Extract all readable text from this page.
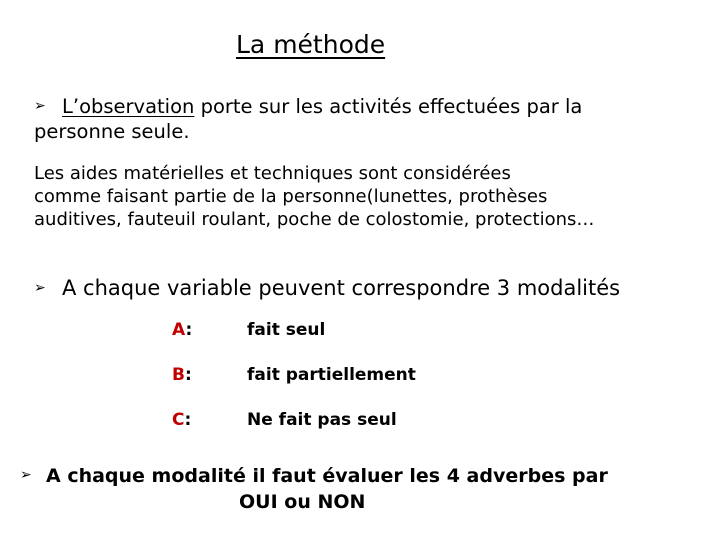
La méthode
➢ L’observation porte sur les activités effectuées par la
personne seule.
Les aides matérielles et techniques sont considérées
comme faisant partie de la personne(lunettes, prothèses
auditives, fauteuil roulant, poche de colostomie, protections…
➢ A chaque variable peuvent correspondre 3 modalités
A:	fait seul
B:	fait partiellement
C:	Ne fait pas seul
➢ A chaque modalité il faut évaluer les 4 adverbes par
OUI ou NON
